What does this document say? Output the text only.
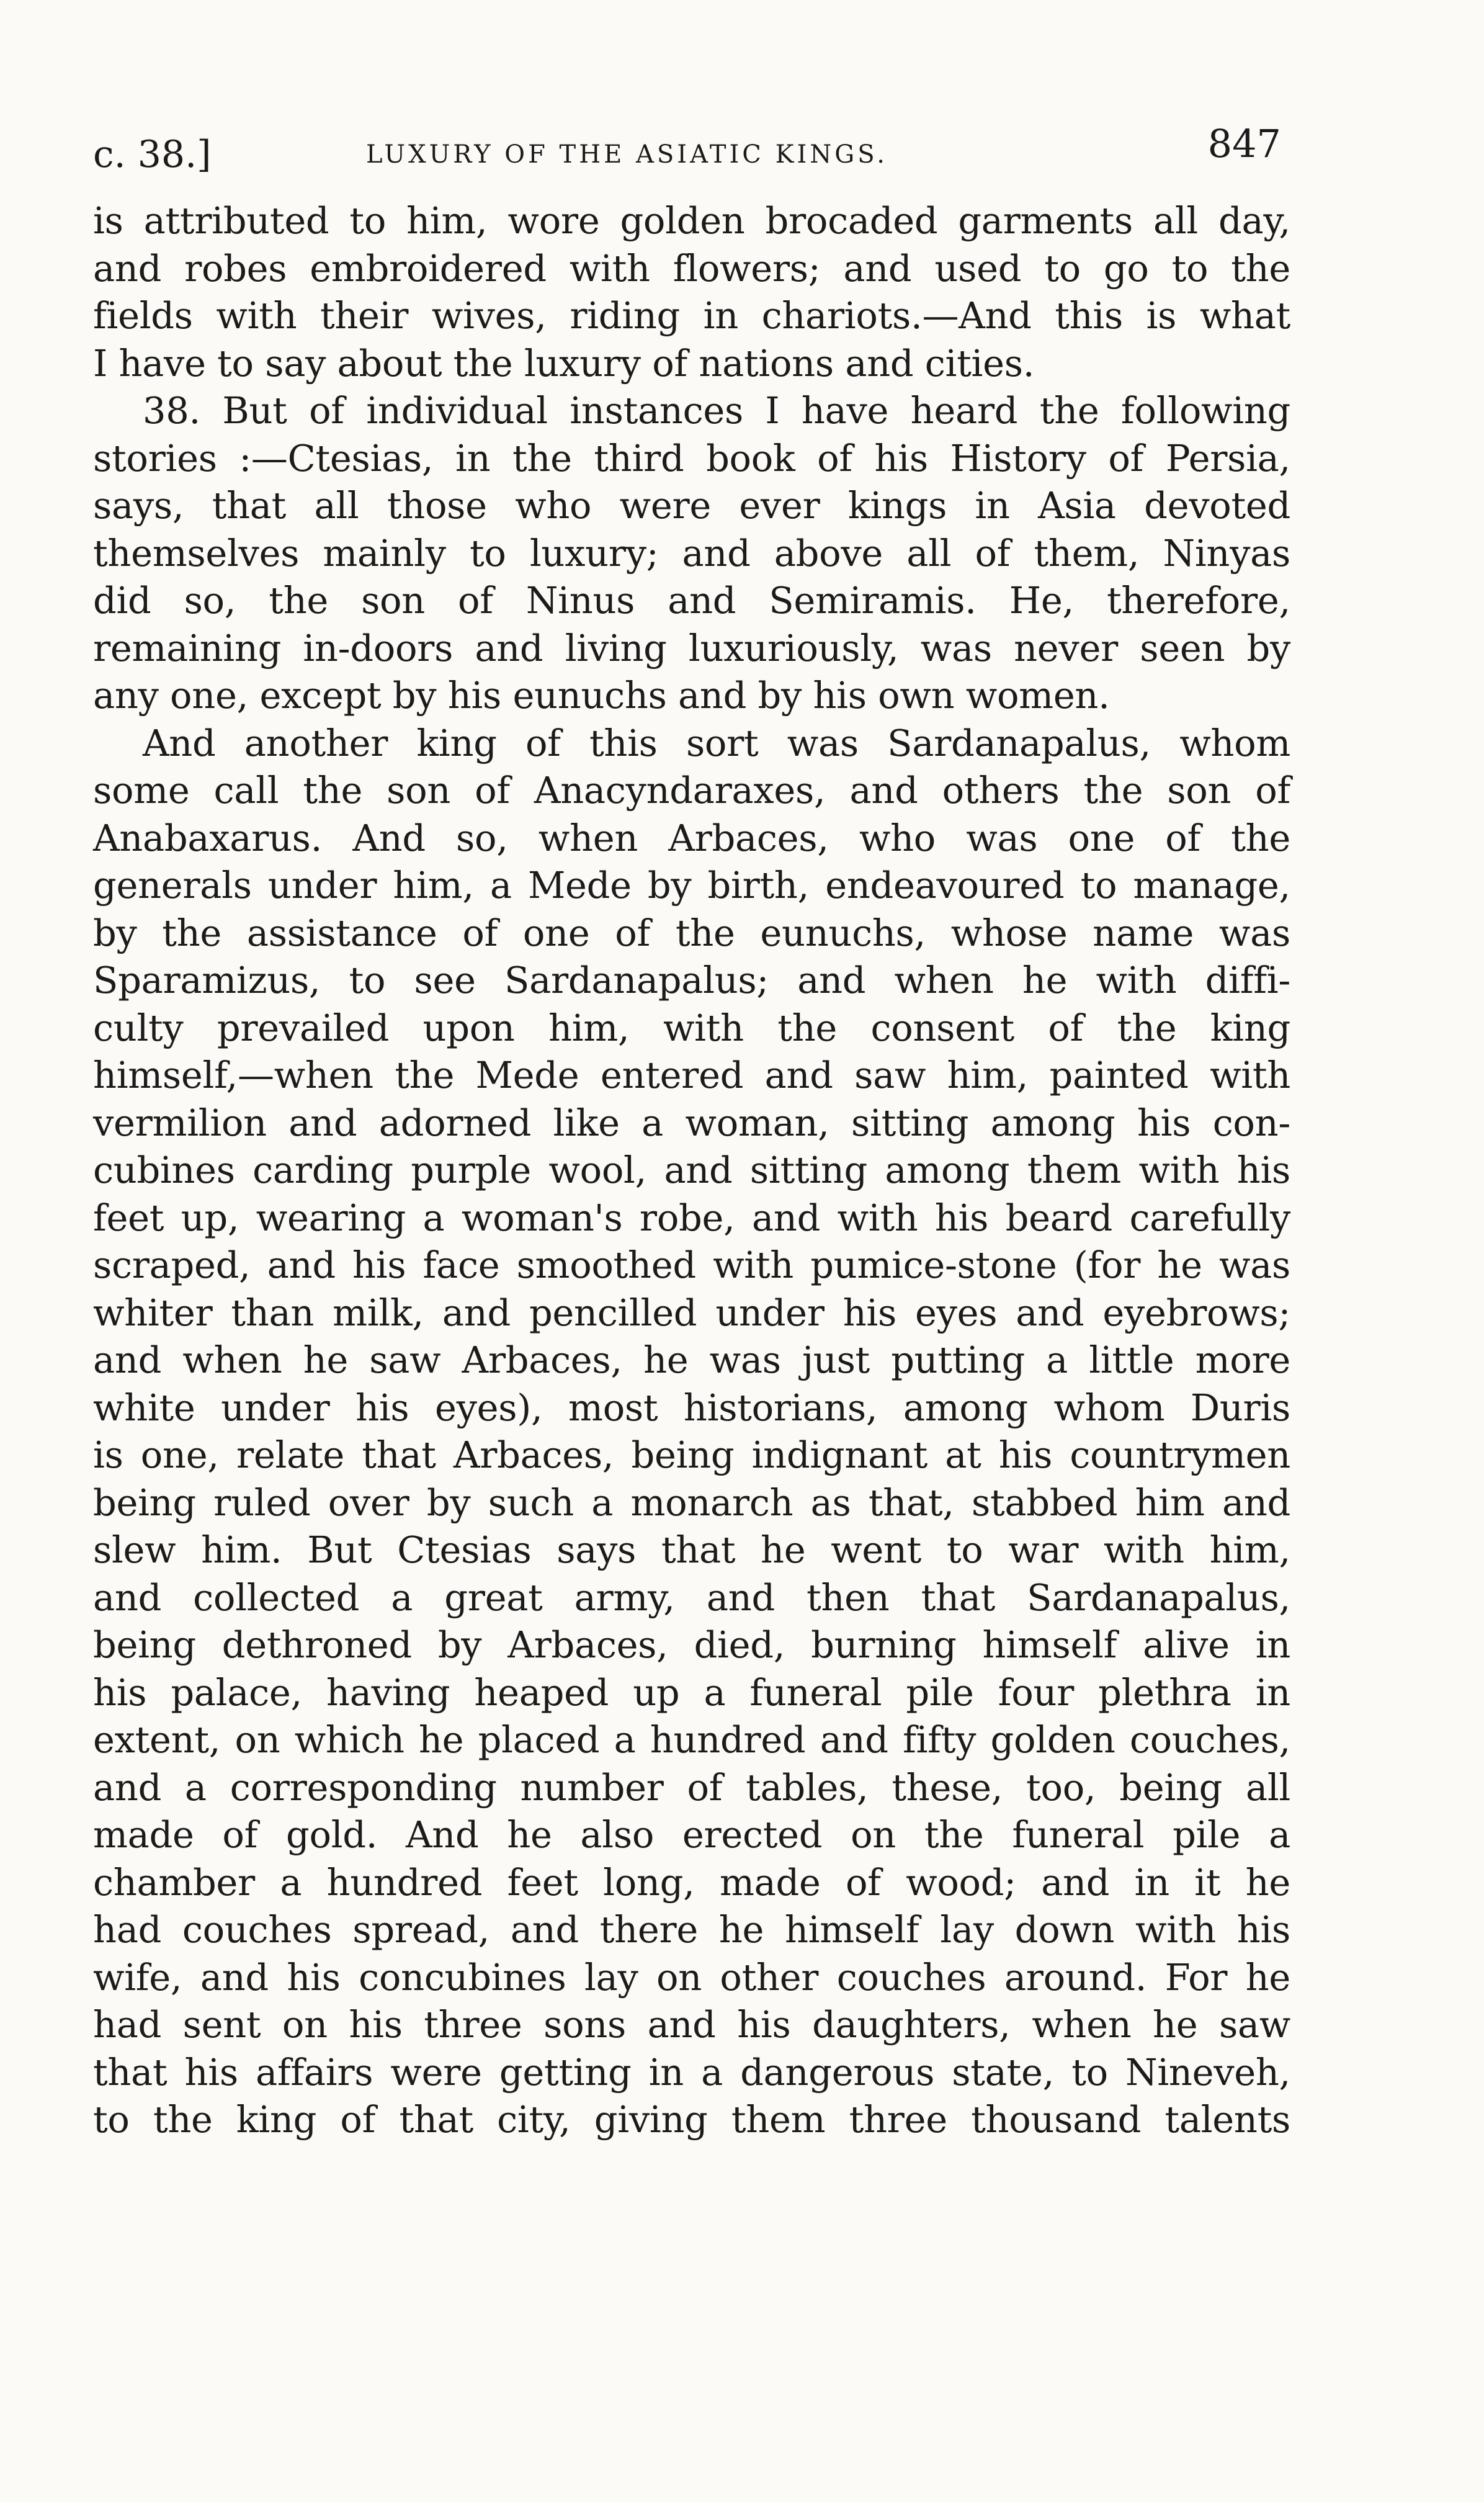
c. 38.]	LUXURY OF THE ASIATIC KINGS.	847
is attributed to him, wore golden brocaded garments all day,
and robes embroidered with flowers; and used to go to the
fields with their wives, riding in chariots.—And this is what
I have to say about the luxury of nations and cities.
38. But of individual instances I have heard the following
stories :—Ctesias, in the third book of his History of Persia,
says, that all those who were ever kings in Asia devoted
themselves mainly to luxury; and above all of them, Ninyas
did so, the son of Ninus and Semiramis. He, therefore,
remaining in-doors and living luxuriously, was never seen by
any one, except by his eunuchs and by his own women.
And another king of this sort was Sardanapalus, whom
some call the son of Anacyndaraxes, and others the son of
Anabaxarus. And so, when Arbaces, who was one of the
generals under him, a Mede by birth, endeavoured to manage,
by the assistance of one of the eunuchs, whose name was
Sparamizus, to see Sardanapalus; and when he with diffi-
culty prevailed upon him, with the consent of the king
himself,—when the Mede entered and saw him, painted with
vermilion and adorned like a woman, sitting among his con-
cubines carding purple wool, and sitting among them with his
feet up, wearing a woman's robe, and with his beard carefully
scraped, and his face smoothed with pumice-stone (for he was
whiter than milk, and pencilled under his eyes and eyebrows;
and when he saw Arbaces, he was just putting a little more
white under his eyes), most historians, among whom Duris
is one, relate that Arbaces, being indignant at his countrymen
being ruled over by such a monarch as that, stabbed him and
slew him. But Ctesias says that he went to war with him,
and collected a great army, and then that Sardanapalus,
being dethroned by Arbaces, died, burning himself alive in
his palace, having heaped up a funeral pile four plethra in
extent, on which he placed a hundred and fifty golden couches,
and a corresponding number of tables, these, too, being all
made of gold. And he also erected on the funeral pile a
chamber a hundred feet long, made of wood; and in it he
had couches spread, and there he himself lay down with his
wife, and his concubines lay on other couches around. For he
had sent on his three sons and his daughters, when he saw
that his affairs were getting in a dangerous state, to Nineveh,
to the king of that city, giving them three thousand talents
